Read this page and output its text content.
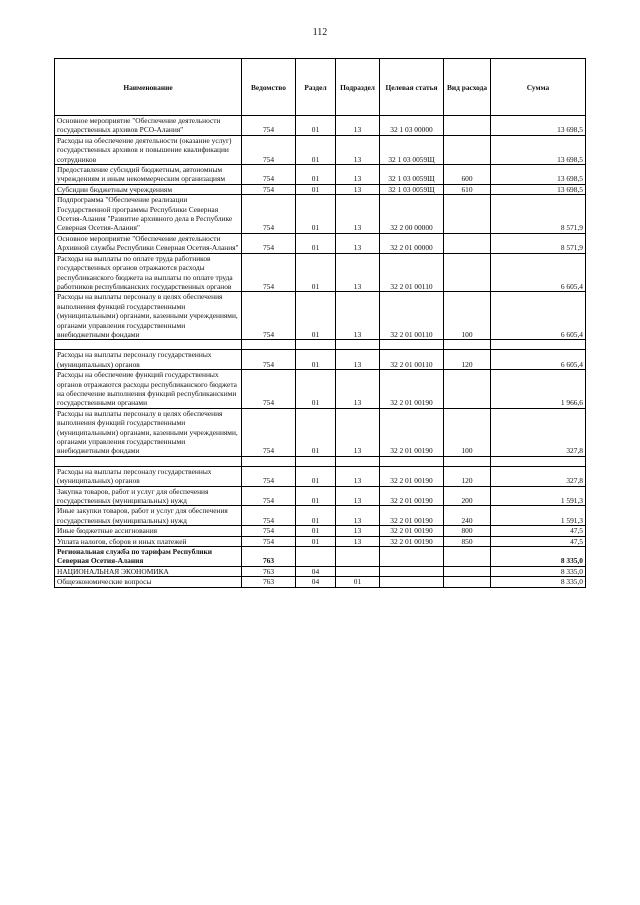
112
Наименование	Ведомство	Раздел	Подраздел	Целевая статья	Вид расхода	Сумма
Основное мероприятие "Обеспечение деятельности государственных архивов РСО-Алания"	754	01	13	32 1 03 00000		13 698,5
Расходы на обеспечение деятельности (оказание услуг) государственных архивов и повышение квалификации сотрудников	754	01	13	32 1 03 0059Щ		13 698,5
Предоставление субсидий бюджетным, автономным учреждениям и иным некоммерческим организациям	754	01	13	32 1 03 0059Щ	600	13 698,5
Субсидии бюджетным учреждениям	754	01	13	32 1 03 0059Щ	610	13 698,5
Подпрограмма "Обеспечение реализации Государственной программы Республики Северная Осетия-Алания "Развитие архивного дела в Республике Северная Осетия-Алания"	754	01	13	32 2 00 00000		8 571,9
Основное мероприятие "Обеспечение деятельности Архивной службы Республики Северная Осетия-Алания"	754	01	13	32 2 01 00000		8 571,9
Расходы на выплаты по оплате труда работников государственных органов отражаются расходы республиканского бюджета на выплаты по оплате труда работников республиканских государственных органов	754	01	13	32 2 01 00110		6 605,4
Расходы на выплаты персоналу в целях обеспечения выполнения функций государственными (муниципальными) органами, казенными учреждениями, органами управления государственными внебюджетными фондами	754	01	13	32 2 01 00110	100	6 605,4

Расходы на выплаты персоналу государственных (муниципальных) органов	754	01	13	32 2 01 00110	120	6 605,4
Расходы на обеспечение функций государственных органов отражаются расходы республиканского бюджета на обеспечение выполнения функций республиканскими государственными органами	754	01	13	32 2 01 00190		1 966,6
Расходы на выплаты персоналу в целях обеспечения выполнения функций государственными (муниципальными) органами, казенными учреждениями, органами управления государственными внебюджетными фондами	754	01	13	32 2 01 00190	100	327,8

Расходы на выплаты персоналу государственных (муниципальных) органов	754	01	13	32 2 01 00190	120	327,8
Закупка товаров, работ и услуг для обеспечения государственных (муниципальных) нужд	754	01	13	32 2 01 00190	200	1 591,3
Иные закупки товаров, работ и услуг для обеспечения государственных (муниципальных) нужд	754	01	13	32 2 01 00190	240	1 591,3
Иные бюджетные ассигнования	754	01	13	32 2 01 00190	800	47,5
Уплата налогов, сборов и иных платежей	754	01	13	32 2 01 00190	850	47,5
Региональная служба по тарифам Республики Северная Осетия-Алания	763					8 335,0
НАЦИОНАЛЬНАЯ ЭКОНОМИКА	763	04				8 335,0
Общеэкономические вопросы	763	04	01			8 335,0
